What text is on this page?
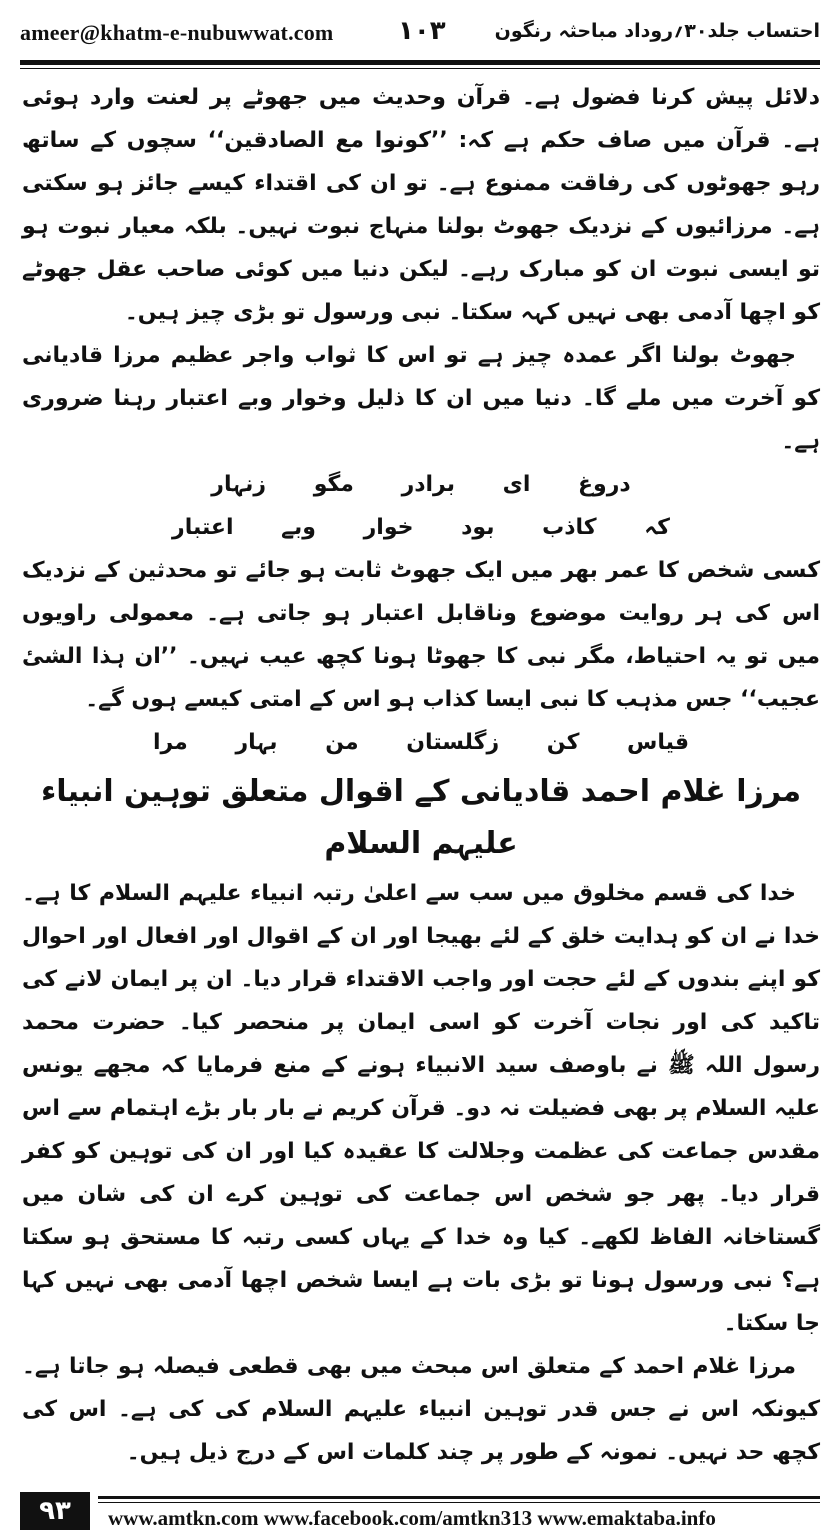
ameer@khatm-e-nubuwwat.com ۱۰۳	احتساب جلد۳۰؍روداد مباحثہ رنگون

دلائل پیش کرنا فضول ہے۔ قرآن وحدیث میں جھوٹے پر لعنت وارد ہوئی ہے۔ قرآن میں صاف حکم ہے کہ: ’’کونوا مع الصادقین‘‘ سچوں کے ساتھ رہو جھوٹوں کی رفاقت ممنوع ہے۔ تو ان کی اقتداء کیسے جائز ہو سکتی ہے۔ مرزائیوں کے نزدیک جھوٹ بولنا منہاج نبوت نہیں۔ بلکہ معیار نبوت ہو تو ایسی نبوت ان کو مبارک رہے۔ لیکن دنیا میں کوئی صاحب عقل جھوٹے کو اچھا آدمی بھی نہیں کہہ سکتا۔ نبی ورسول تو بڑی چیز ہیں۔

جھوٹ بولنا اگر عمدہ چیز ہے تو اس کا ثواب واجر عظیم مرزا قادیانی کو آخرت میں ملے گا۔ دنیا میں ان کا ذلیل وخوار وبے اعتبار رہنا ضروری ہے۔

دروغ ای برادر مگو زنہار

کہ کاذب بود خوار وبے اعتبار

کسی شخص کا عمر بھر میں ایک جھوٹ ثابت ہو جائے تو محدثین کے نزدیک اس کی ہر روایت موضوع وناقابل اعتبار ہو جاتی ہے۔ معمولی راویوں میں تو یہ احتیاط، مگر نبی کا جھوٹا ہونا کچھ عیب نہیں۔ ’’ان ہذا الشیٔ عجیب‘‘ جس مذہب کا نبی ایسا کذاب ہو اس کے امتی کیسے ہوں گے۔

قیاس کن زگلستان من بہار مرا

مرزا غلام احمد قادیانی کے اقوال متعلق توہین انبیاء علیہم السلام

خدا کی قسم مخلوق میں سب سے اعلیٰ رتبہ انبیاء علیہم السلام کا ہے۔ خدا نے ان کو ہدایت خلق کے لئے بھیجا اور ان کے اقوال اور افعال اور احوال کو اپنے بندوں کے لئے حجت اور واجب الاقتداء قرار دیا۔ ان پر ایمان لانے کی تاکید کی اور نجات آخرت کو اسی ایمان پر منحصر کیا۔ حضرت محمد رسول اللہ ﷺ نے باوصف سید الانبیاء ہونے کے منع فرمایا کہ مجھے یونس علیہ السلام پر بھی فضیلت نہ دو۔ قرآن کریم نے بار بار بڑے اہتمام سے اس مقدس جماعت کی عظمت وجلالت کا عقیدہ کیا اور ان کی توہین کو کفر قرار دیا۔ پھر جو شخص اس جماعت کی توہین کرے ان کی شان میں گستاخانہ الفاظ لکھے۔ کیا وہ خدا کے یہاں کسی رتبہ کا مستحق ہو سکتا ہے؟ نبی ورسول ہونا تو بڑی بات ہے ایسا شخص اچھا آدمی بھی نہیں کہا جا سکتا۔

مرزا غلام احمد کے متعلق اس مبحث میں بھی قطعی فیصلہ ہو جاتا ہے۔ کیونکہ اس نے جس قدر توہین انبیاء علیہم السلام کی کی ہے۔ اس کی کچھ حد نہیں۔ نمونہ کے طور پر چند کلمات اس کے درج ذیل ہیں۔

۹۳	www.amtkn.com www.facebook.com/amtkn313 www.emaktaba.info
